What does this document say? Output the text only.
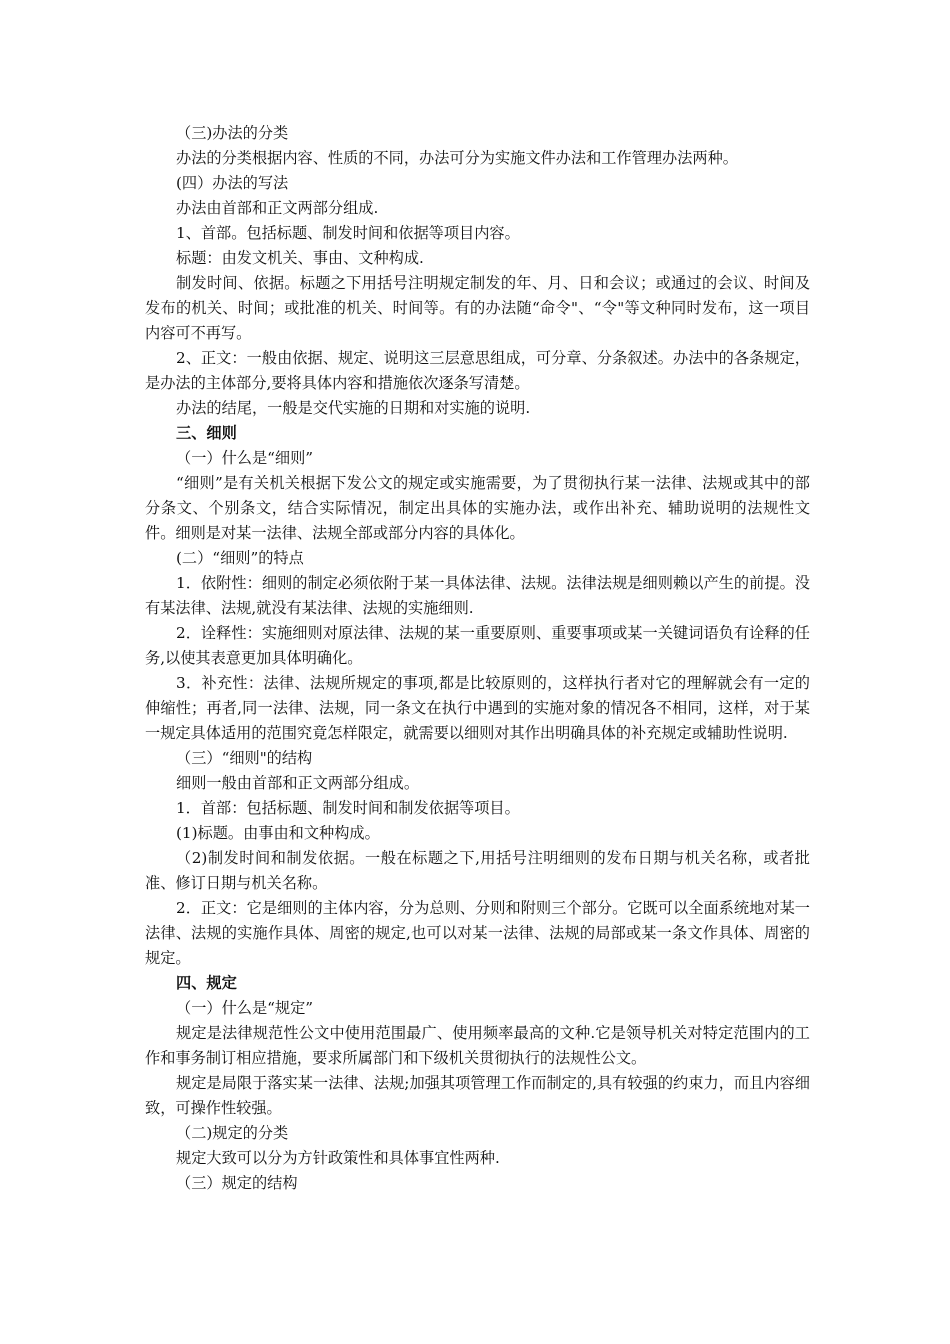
（三)办法的分类

办法的分类根据内容、性质的不同，办法可分为实施文件办法和工作管理办法两种。

(四）办法的写法

办法由首部和正文两部分组成.

1、首部。包括标题、制发时间和依据等项目内容。

标题：由发文机关、事由、文种构成.

制发时间、依据。标题之下用括号注明规定制发的年、月、日和会议；或通过的会议、时间及发布的机关、时间；或批准的机关、时间等。有的办法随“命令"、“令"等文种同时发布，这一项目内容可不再写。

2、正文：一般由依据、规定、说明这三层意思组成，可分章、分条叙述。办法中的各条规定，是办法的主体部分,要将具体内容和措施依次逐条写清楚。

办法的结尾，一般是交代实施的日期和对实施的说明.

三、细则

（一）什么是“细则”

“细则”是有关机关根据下发公文的规定或实施需要，为了贯彻执行某一法律、法规或其中的部分条文、个别条文，结合实际情况，制定出具体的实施办法，或作出补充、辅助说明的法规性文件。细则是对某一法律、法规全部或部分内容的具体化。

(二）“细则”的特点

1．依附性：细则的制定必须依附于某一具体法律、法规。法律法规是细则赖以产生的前提。没有某法律、法规,就没有某法律、法规的实施细则.

2．诠释性：实施细则对原法律、法规的某一重要原则、重要事项或某一关键词语负有诠释的任务,以使其表意更加具体明确化。

3．补充性：法律、法规所规定的事项,都是比较原则的，这样执行者对它的理解就会有一定的伸缩性；再者,同一法律、法规，同一条文在执行中遇到的实施对象的情况各不相同，这样，对于某一规定具体适用的范围究竟怎样限定，就需要以细则对其作出明确具体的补充规定或辅助性说明.

（三）“细则"的结构

细则一般由首部和正文两部分组成。

1．首部：包括标题、制发时间和制发依据等项目。

(1)标题。由事由和文种构成。

（2)制发时间和制发依据。一般在标题之下,用括号注明细则的发布日期与机关名称，或者批准、修订日期与机关名称。

2．正文：它是细则的主体内容，分为总则、分则和附则三个部分。它既可以全面系统地对某一法律、法规的实施作具体、周密的规定,也可以对某一法律、法规的局部或某一条文作具体、周密的规定。

四、规定

（一）什么是“规定”

规定是法律规范性公文中使用范围最广、使用频率最高的文种.它是领导机关对特定范围内的工作和事务制订相应措施，要求所属部门和下级机关贯彻执行的法规性公文。

规定是局限于落实某一法律、法规;加强其项管理工作而制定的,具有较强的约束力，而且内容细致，可操作性较强。

（二)规定的分类

规定大致可以分为方针政策性和具体事宜性两种.

（三）规定的结构
